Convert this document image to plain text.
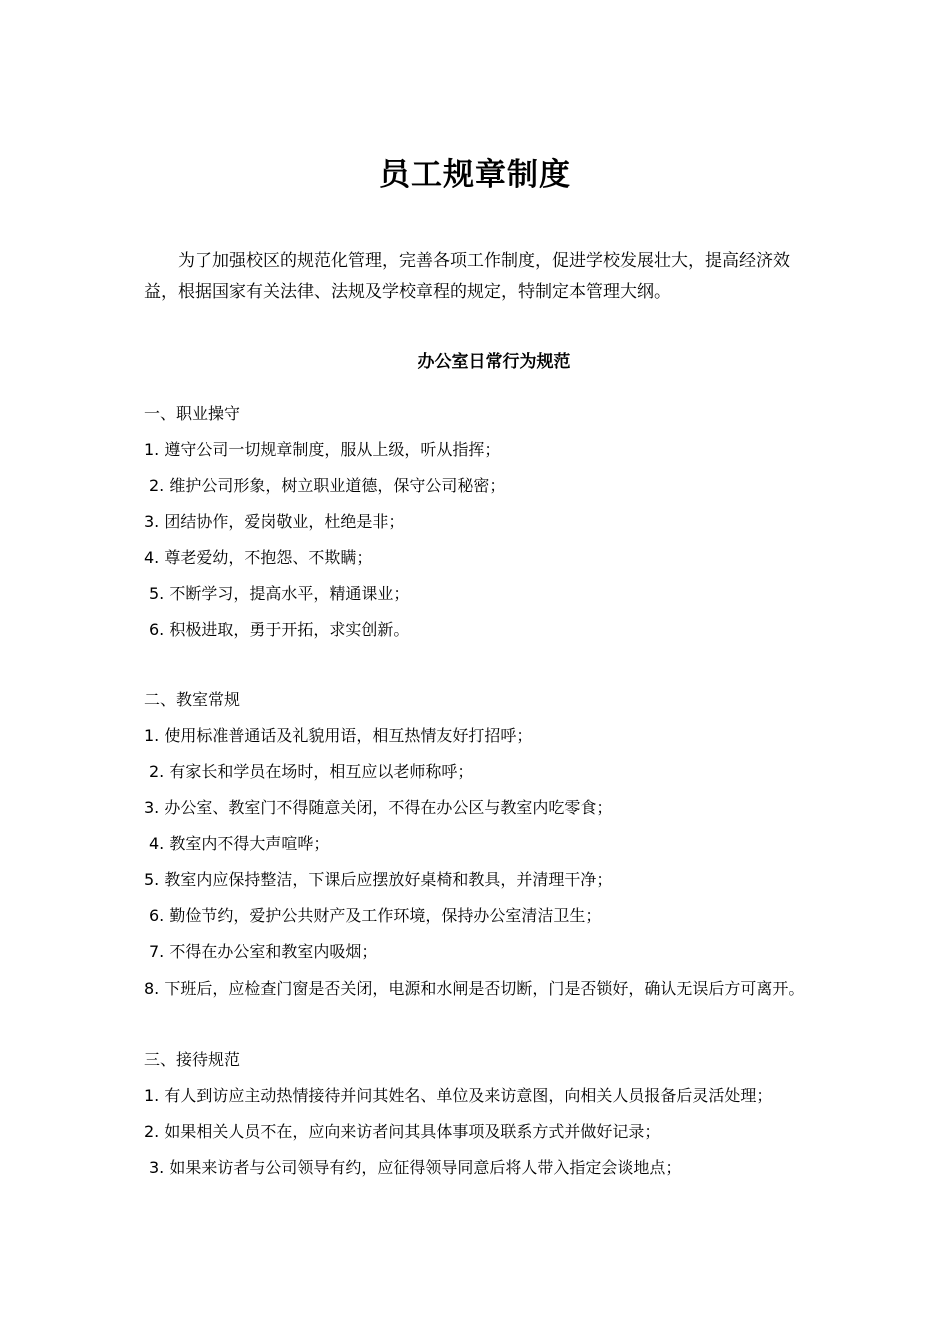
员工规章制度

为了加强校区的规范化管理，完善各项工作制度，促进学校发展壮大，提高经济效益，根据国家有关法律、法规及学校章程的规定，特制定本管理大纲。

办公室日常行为规范

一、职业操守

1. 遵守公司一切规章制度，服从上级，听从指挥；

2. 维护公司形象，树立职业道德，保守公司秘密；

3. 团结协作，爱岗敬业，杜绝是非；

4. 尊老爱幼，不抱怨、不欺瞒；

5. 不断学习，提高水平，精通课业；

6. 积极进取，勇于开拓，求实创新。

二、教室常规

1. 使用标准普通话及礼貌用语，相互热情友好打招呼；

2. 有家长和学员在场时，相互应以老师称呼；

3. 办公室、教室门不得随意关闭，不得在办公区与教室内吃零食；

4. 教室内不得大声喧哗；

5. 教室内应保持整洁，下课后应摆放好桌椅和教具，并清理干净；

6. 勤俭节约，爱护公共财产及工作环境，保持办公室清洁卫生；

7. 不得在办公室和教室内吸烟；

8. 下班后，应检查门窗是否关闭，电源和水闸是否切断，门是否锁好，确认无误后方可离开。

三、接待规范

1. 有人到访应主动热情接待并问其姓名、单位及来访意图，向相关人员报备后灵活处理；

2. 如果相关人员不在，应向来访者问其具体事项及联系方式并做好记录；

3. 如果来访者与公司领导有约，应征得领导同意后将人带入指定会谈地点；
